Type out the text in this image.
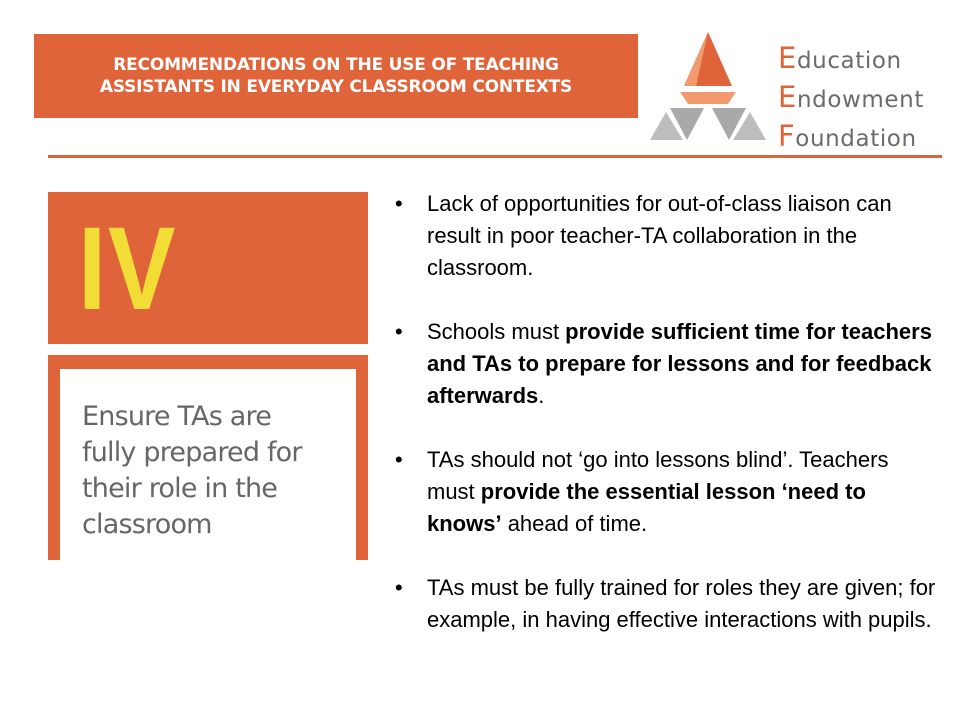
RECOMMENDATIONS ON THE USE OF TEACHING
ASSISTANTS IN EVERYDAY CLASSROOM CONTEXTS
Education
Endowment
Foundation
IV
Ensure TAs are
fully prepared for
their role in the
classroom
• Lack of opportunities for out-of-class liaison can result in poor teacher-TA collaboration in the classroom.
• Schools must provide sufficient time for teachers and TAs to prepare for lessons and for feedback afterwards.
• TAs should not ‘go into lessons blind’. Teachers must provide the essential lesson ‘need to knows’ ahead of time.
• TAs must be fully trained for roles they are given; for example, in having effective interactions with pupils.
